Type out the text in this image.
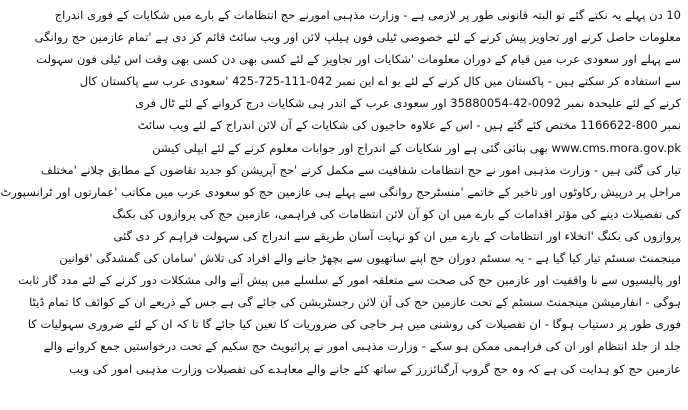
10 دن پہلے یہ نکتے گئے تو البتہ قانونی طور پر لازمی ہے - وزارت مذہبی امورنے حج انتظامات کے بارے میں شکایات کے فوری اندراج
معلومات حاصل کرنے اور تجاویز پیش کرنے کے لئے خصوصی ٹیلی فون ہیلپ لائن اور ویب سائٹ قائم کر دی ہے 'تمام عازمین حج روانگی
سے پہلے اور سعودی عرب میں قیام کے دوران معلومات 'شکایات اور تجاویز کے لئے کسی بھی دن کسی بھی وقت اس ٹیلی فون سہولت
سے استفادہ کر سکتے ہیں - پاکستان میں کال کرنے کے لئے یو اے این نمبر 042-111-725-425 'سعودی عرب سے پاکستان کال
کرنے کے لئے علیحدہ نمبر 0092-42-35880054 اور سعودی عرب کے اندر ہی شکایات درج کروانے کے لئے ٹال فری
نمبر 800-1166622 مختص کئے گئے ہیں - اس کے علاوہ حاجیوں کی شکایات کے آن لائن اندراج کے لئے ویب سائٹ
www.cms.mora.gov.pk بھی بنائی گئی ہے اور شکایات کے اندراج اور جوابات معلوم کرنے کے لئے ایپلی کیشن
تیار کی گئی ہیں - وزارت مذہبی امور نے حج انتظامات شفافیت سے مکمل کرنے 'حج آپریشن کو جدید تقاضوں کے مطابق چلانے 'مختلف
مراحل پر درپیش رکاوٹوں اور تاخیر کے خاتمے 'منسٹرحج روانگی سے پہلے ہی عازمین حج کو سعودی عرب میں مکاتب 'عمارتوں اور ٹرانسپورٹ
کی تفصیلات دینے کی مؤثر اقدامات کے بارے میں ان کو آن لائن انتظامات کی فراہمی، عازمین حج کی پروازوں کی بکنگ
پروازوں کی بکنگ 'انخلاء اور انتظامات کے بارے میں ان کو نہایت آسان طریقے سے اندراج کی سہولت فراہم کر دی گئی
مینجمنٹ سسٹم تیار کیا گیا ہے - یہ سسٹم دوران حج اپنے ساتھیوں سے بچھڑ جانے والے افراد کی تلاش 'سامان کی گمشدگی 'قوانین
اور پالیسیوں سے نا واقفیت اور عازمین حج کی صحت سے متعلقہ امور کے سلسلے میں پیش آنے والی مشکلات دور کرنے کے لئے مدد گار ثابت
ہوگی - انفارمیشن مینجمنٹ سسٹم کے تحت عازمین حج کی آن لائن رجسٹریشن کی جائے گی ہے جس کے ذریعے ان کے کوائف کا تمام ڈیٹا
فوری طور پر دستیاب ہوگا - ان تفصیلات کی روشنی میں ہر حاجی کی ضروریات کا تعین کیا جائے گا تا کہ ان کے لئے ضروری سہولیات کا
جلد از جلد انتظام اور ان کی فراہمی ممکن ہو سکے - وزارت مذہبی امور نے پرائیویٹ حج سکیم کے تحت درخواستیں جمع کروانے والے
عازمین حج کو ہدایت کی ہے کہ وہ حج گروپ آرگنائزرز کے ساتھ کئے جانے والے معاہدے کی تفصیلات وزارت مذہبی امور کی ویب
